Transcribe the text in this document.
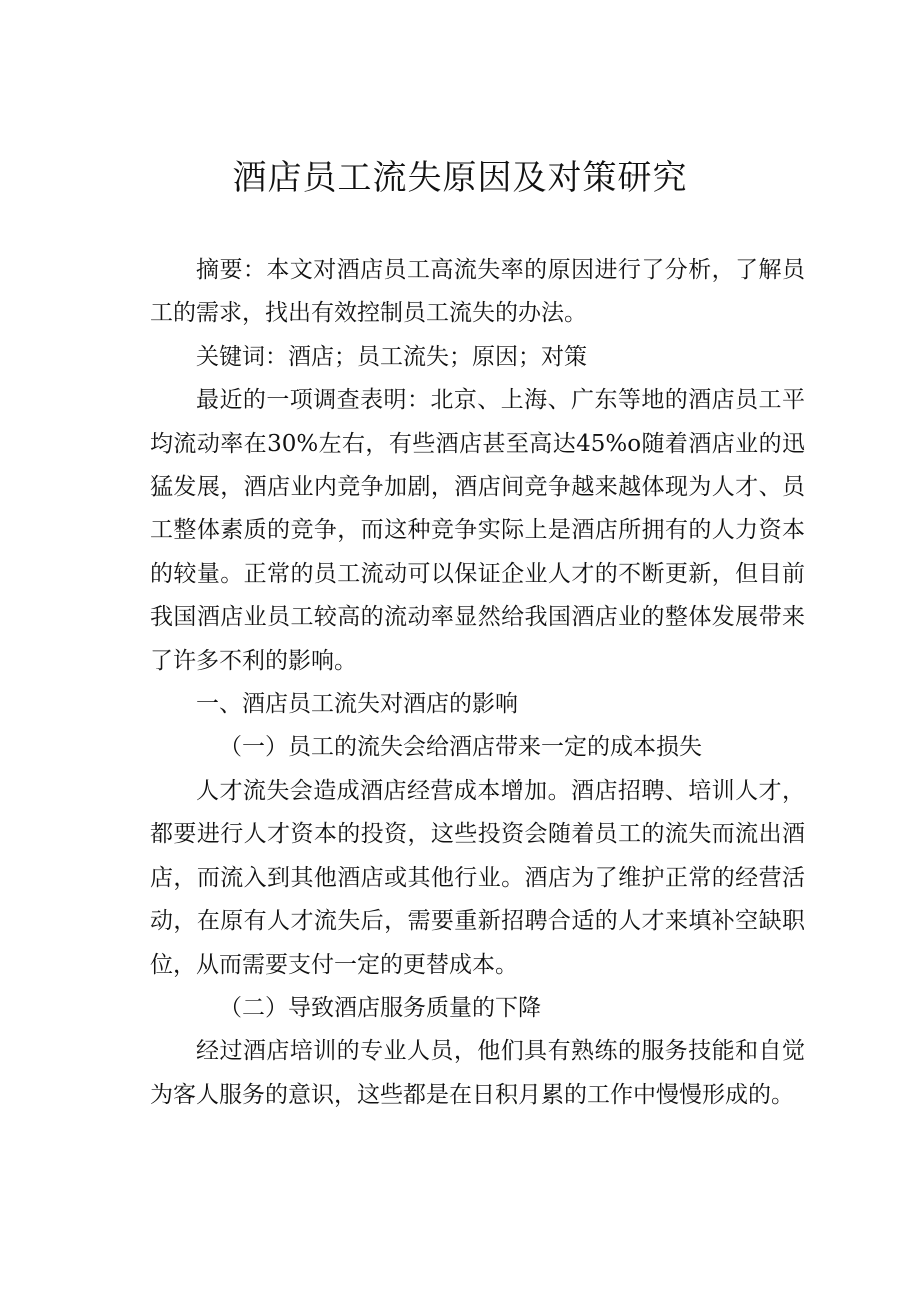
酒店员工流失原因及对策研究

摘要：本文对酒店员工高流失率的原因进行了分析，了解员工的需求，找出有效控制员工流失的办法。

关键词：酒店；员工流失；原因；对策

最近的一项调查表明：北京、上海、广东等地的酒店员工平均流动率在30%左右，有些酒店甚至高达45%o随着酒店业的迅猛发展，酒店业内竞争加剧，酒店间竞争越来越体现为人才、员工整体素质的竞争，而这种竞争实际上是酒店所拥有的人力资本的较量。正常的员工流动可以保证企业人才的不断更新，但目前我国酒店业员工较高的流动率显然给我国酒店业的整体发展带来了许多不利的影响。

一、酒店员工流失对酒店的影响

（一）员工的流失会给酒店带来一定的成本损失

人才流失会造成酒店经营成本增加。酒店招聘、培训人才，都要进行人才资本的投资，这些投资会随着员工的流失而流出酒店，而流入到其他酒店或其他行业。酒店为了维护正常的经营活动，在原有人才流失后，需要重新招聘合适的人才来填补空缺职位，从而需要支付一定的更替成本。

（二）导致酒店服务质量的下降

经过酒店培训的专业人员，他们具有熟练的服务技能和自觉为客人服务的意识，这些都是在日积月累的工作中慢慢形成的。
